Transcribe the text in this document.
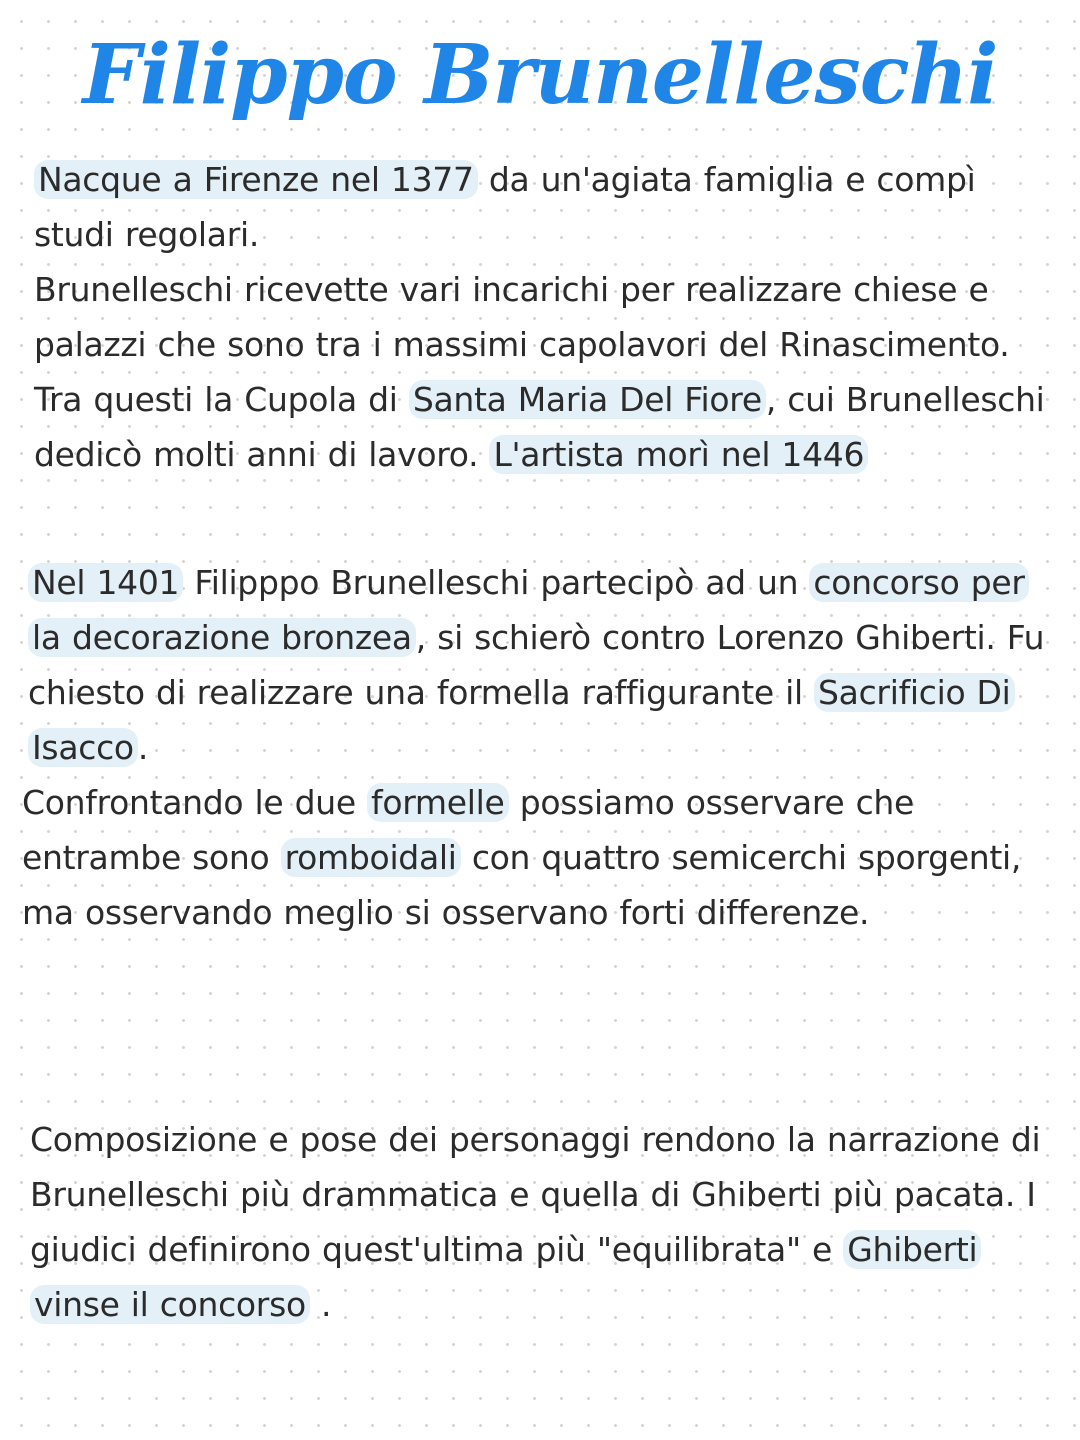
Filippo Brunelleschi

Nacque a Firenze nel 1377 da un'agiata famiglia e compì studi regolari.
Brunelleschi ricevette vari incarichi per realizzare chiese e palazzi che sono tra i massimi capolavori del Rinascimento. Tra questi la Cupola di Santa Maria Del Fiore , cui Brunelleschi dedicò molti anni di lavoro. L'artista morì nel 1446

Nel 1401 Filipppo Brunelleschi partecipò ad un concorso per la decorazione bronzea , si schierò contro Lorenzo Ghiberti. Fu chiesto di realizzare una formella raffigurante il Sacrificio Di Isacco .

Confrontando le due formelle possiamo osservare che entrambe sono romboidali con quattro semicerchi sporgenti, ma osservando meglio si osservano forti differenze.

Composizione e pose dei personaggi rendono la narrazione di Brunelleschi più drammatica e quella di Ghiberti più pacata. I giudici definirono quest'ultima più "equilibrata" e Ghiberti vinse il concorso .
